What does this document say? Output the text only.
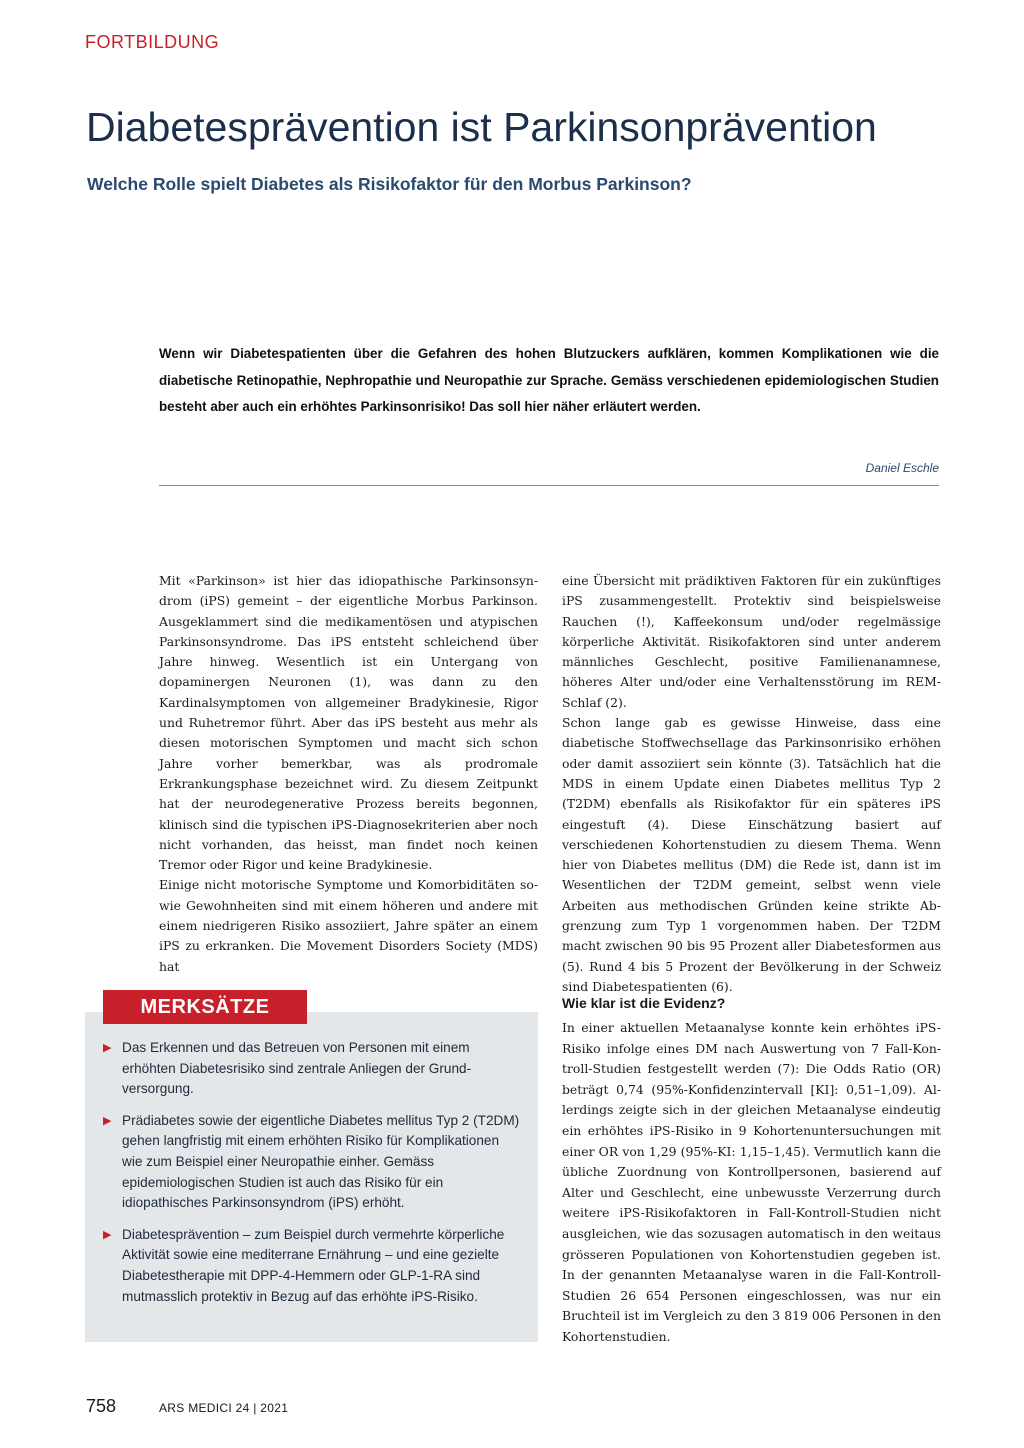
FORTBILDUNG
Diabetesprävention ist Parkinsonprävention
Welche Rolle spielt Diabetes als Risikofaktor für den Morbus Parkinson?

Wenn wir Diabetespatienten über die Gefahren des hohen Blutzuckers aufklären, kommen Komplikationen wie die diabetische Retinopathie, Nephropathie und Neuropathie zur Sprache. Gemäss verschiedenen epidemiologischen Studien besteht aber auch ein erhöhtes Parkinsonrisiko! Das soll hier näher erläutert werden.

Daniel Eschle

Mit «Parkinson» ist hier das idiopathische Parkinsonsyndrom (iPS) gemeint – der eigentliche Morbus Parkinson. Ausgeklammert sind die medikamentösen und atypischen Parkinsonsyndrome. Das iPS entsteht schleichend über Jahre hinweg. Wesentlich ist ein Untergang von dopaminergen Neuronen (1), was dann zu den Kardinalsymptomen von allgemeiner Bradykinesie, Rigor und Ruhetremor führt. Aber das iPS besteht aus mehr als diesen motorischen Symptomen und macht sich schon Jahre vorher bemerkbar, was als prodromale Erkrankungsphase bezeichnet wird. Zu diesem Zeitpunkt hat der neurodegenerative Prozess bereits begonnen, klinisch sind die typischen iPS-Diagnosekriterien aber noch nicht vorhanden, das heisst, man findet noch keinen Tremor oder Rigor und keine Bradykinesie.

Einige nicht motorische Symptome und Komorbiditäten sowie Gewohnheiten sind mit einem höheren und andere mit einem niedrigeren Risiko assoziiert, Jahre später an einem iPS zu erkranken. Die Movement Disorders Society (MDS) hat

eine Übersicht mit prädiktiven Faktoren für ein zukünftiges iPS zusammengestellt. Protektiv sind beispielsweise Rauchen (!), Kaffeekonsum und/oder regelmässige körperliche Aktivität. Risikofaktoren sind unter anderem männliches Geschlecht, positive Familienanamnese, höheres Alter und/oder eine Verhaltensstörung im REM-Schlaf (2).

Schon lange gab es gewisse Hinweise, dass eine diabetische Stoffwechsellage das Parkinsonrisiko erhöhen oder damit assoziiert sein könnte (3). Tatsächlich hat die MDS in einem Update einen Diabetes mellitus Typ 2 (T2DM) ebenfalls als Risikofaktor für ein späteres iPS eingestuft (4). Diese Einschätzung basiert auf verschiedenen Kohortenstudien zu diesem Thema. Wenn hier von Diabetes mellitus (DM) die Rede ist, dann ist im Wesentlichen der T2DM gemeint, selbst wenn viele Arbeiten aus methodischen Gründen keine strikte Abgrenzung zum Typ 1 vorgenommen haben. Der T2DM macht zwischen 90 bis 95 Prozent aller Diabetesformen aus (5). Rund 4 bis 5 Prozent der Bevölkerung in der Schweiz sind Diabetespatienten (6).

Wie klar ist die Evidenz?

In einer aktuellen Metaanalyse konnte kein erhöhtes iPS-Risiko infolge eines DM nach Auswertung von 7 Fall-Kontroll-Studien festgestellt werden (7): Die Odds Ratio (OR) beträgt 0,74 (95%-Konfidenzintervall [KI]: 0,51–1,09). Allerdings zeigte sich in der gleichen Metaanalyse eindeutig ein erhöhtes iPS-Risiko in 9 Kohortenuntersuchungen mit einer OR von 1,29 (95%-KI: 1,15–1,45). Vermutlich kann die übliche Zuordnung von Kontrollpersonen, basierend auf Alter und Geschlecht, eine unbewusste Verzerrung durch weitere iPS-Risikofaktoren in Fall-Kontroll-Studien nicht ausgleichen, wie das sozusagen automatisch in den weitaus grösseren Populationen von Kohortenstudien gegeben ist. In der genannten Metaanalyse waren in die Fall-Kontroll-Studien 26 654 Personen eingeschlossen, was nur ein Bruchteil ist im Vergleich zu den 3 819 006 Personen in den Kohortenstudien.

MERKSÄTZE
▶ Das Erkennen und das Betreuen von Personen mit einem erhöhten Diabetesrisiko sind zentrale Anliegen der Grundversorgung.
▶ Prädiabetes sowie der eigentliche Diabetes mellitus Typ 2 (T2DM) gehen langfristig mit einem erhöhten Risiko für Komplikationen wie zum Beispiel einer Neuropathie einher. Gemäss epidemiologischen Studien ist auch das Risiko für ein idiopathisches Parkinsonsyndrom (iPS) erhöht.
▶ Diabetesprävention – zum Beispiel durch vermehrte körperliche Aktivität sowie eine mediterrane Ernährung – und eine gezielte Diabetestherapie mit DPP-4-Hemmern oder GLP-1-RA sind mutmasslich protektiv in Bezug auf das erhöhte iPS-Risiko.
758	ARS MEDICI 24 | 2021
